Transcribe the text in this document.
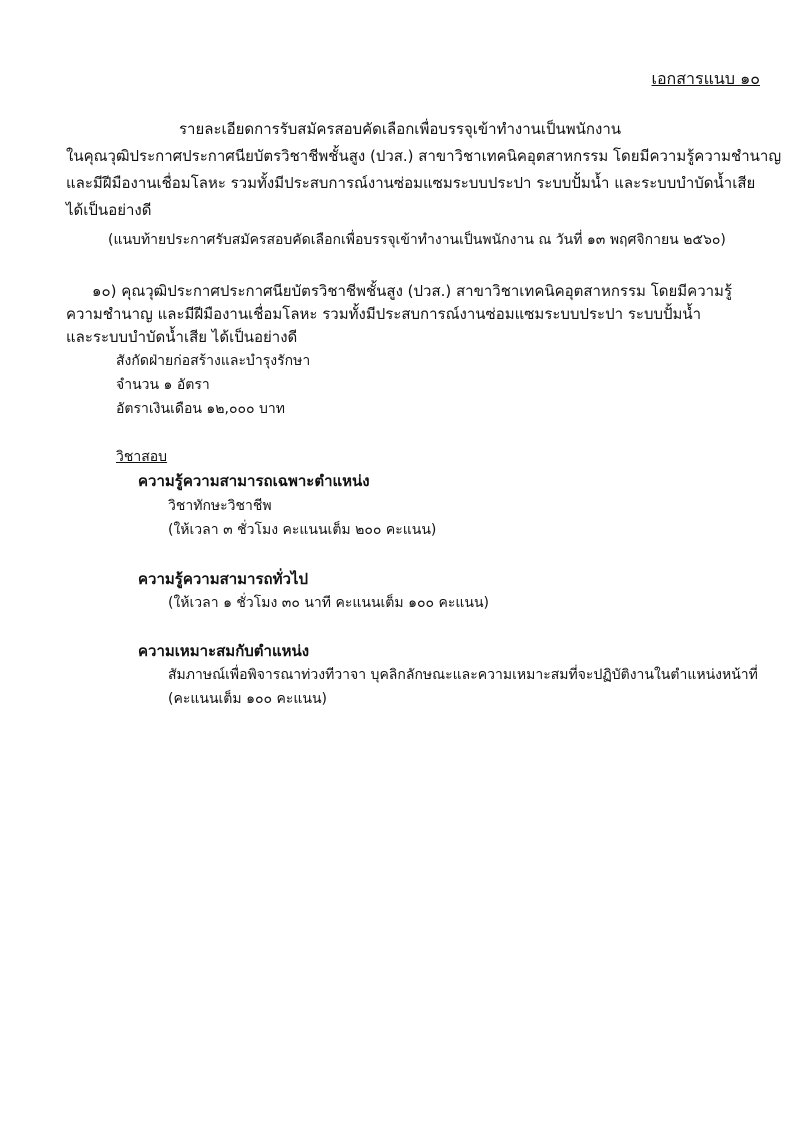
เอกสารแนบ ๑๐
รายละเอียดการรับสมัครสอบคัดเลือกเพื่อบรรจุเข้าทำงานเป็นพนักงาน
ในคุณวุฒิประกาศประกาศนียบัตรวิชาชีพชั้นสูง (ปวส.) สาขาวิชาเทคนิคอุตสาหกรรม โดยมีความรู้ความชำนาญ
และมีฝีมืองานเชื่อมโลหะ รวมทั้งมีประสบการณ์งานซ่อมแซมระบบประปา ระบบปั้มน้ำ และระบบบำบัดน้ำเสีย
ได้เป็นอย่างดี
(แนบท้ายประกาศรับสมัครสอบคัดเลือกเพื่อบรรจุเข้าทำงานเป็นพนักงาน ณ วันที่ ๑๓ พฤศจิกายน ๒๕๖๐)
๑๐) คุณวุฒิประกาศประกาศนียบัตรวิชาชีพชั้นสูง (ปวส.) สาขาวิชาเทคนิคอุตสาหกรรม โดยมีความรู้
ความชำนาญ และมีฝีมืองานเชื่อมโลหะ รวมทั้งมีประสบการณ์งานซ่อมแซมระบบประปา ระบบปั้มน้ำ
และระบบบำบัดน้ำเสีย ได้เป็นอย่างดี
สังกัดฝ่ายก่อสร้างและบำรุงรักษา
จำนวน ๑ อัตรา
อัตราเงินเดือน ๑๒,๐๐๐ บาท
วิชาสอบ
ความรู้ความสามารถเฉพาะตำแหน่ง
วิชาทักษะวิชาชีพ
(ให้เวลา ๓ ชั่วโมง คะแนนเต็ม ๒๐๐ คะแนน)
ความรู้ความสามารถทั่วไป
(ให้เวลา ๑ ชั่วโมง ๓๐ นาที คะแนนเต็ม ๑๐๐ คะแนน)
ความเหมาะสมกับตำแหน่ง
สัมภาษณ์เพื่อพิจารณาท่วงทีวาจา บุคลิกลักษณะและความเหมาะสมที่จะปฏิบัติงานในตำแหน่งหน้าที่
(คะแนนเต็ม ๑๐๐ คะแนน)
